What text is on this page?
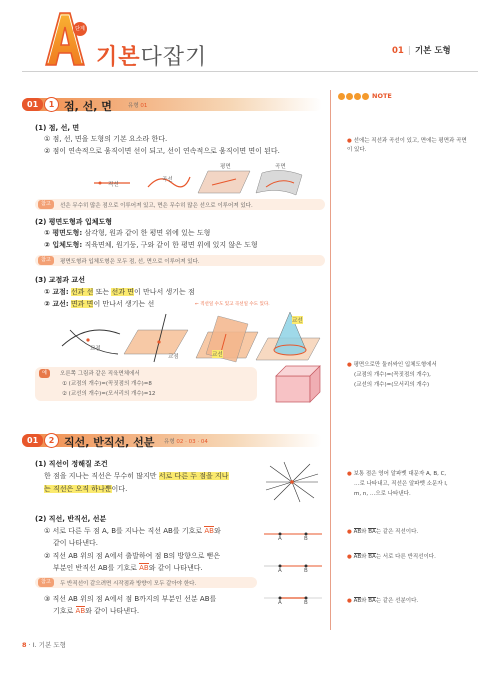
단계
기본다잡기	01 | 기본 도형
NOTE
01	1 점, 선, 면	유형 01
(1) 점, 선, 면
① 점, 선, 면을 도형의 기본 요소라 한다.
② 점이 연속적으로 움직이면 선이 되고, 선이 연속적으로 움직이면 면이 된다.
직선
곡선
평면	곡면
참고	선은 무수히 많은 점으로 이루어져 있고, 면은 무수히 많은 선으로 이루어져 있다.
(2) 평면도형과 입체도형
① 평면도형: 삼각형, 원과 같이 한 평면 위에 있는 도형
② 입체도형: 직육면체, 원기둥, 구와 같이 한 평면 위에 있지 않은 도형
참고	평면도형과 입체도형은 모두 점, 선, 면으로 이루어져 있다.
(3) 교점과 교선
① 교점: 선과 선 또는 선과 면이 만나서 생기는 점
② 교선: 면과 면이 만나서 생기는 선	← 직선일 수도 있고 곡선일 수도 있다.
교점
교점	교선
교선
예	오른쪽 그림과 같은 직육면체에서
① (교점의 개수)=(꼭짓점의 개수)=8
② (교선의 개수)=(모서리의 개수)=12
● 선에는 직선과 곡선이 있고, 면에는 평면과 곡면이 있다.
● 평면으로만 둘러싸인 입체도형에서
(교점의 개수)=(꼭짓점의 개수),
(교선의 개수)=(모서리의 개수)
01	2 직선, 반직선, 선분 유형 02 · 03 · 04
(1) 직선이 정해질 조건
한 점을 지나는 직선은 무수히 많지만 서로 다른 두 점을 지나
는 직선은 오직 하나뿐이다.
(2) 직선, 반직선, 선분
① 서로 다른 두 점 A, B를 지나는 직선 AB를 기호로 AB와
같이 나타낸다.
② 직선 AB 위의 점 A에서 출발하여 점 B의 방향으로 뻗은
부분인 반직선 AB를 기호로 AB와 같이 나타낸다.
참고	두 반직선이 같으려면 시작점과 방향이 모두 같아야 한다.
③ 직선 AB 위의 점 A에서 점 B까지의 부분인 선분 AB를
기호로 AB와 같이 나타낸다.
A	B
A	B
A	B
● 보통 점은 영어 알파벳 대문자 A, B, C,
…로 나타내고, 직선은 알파벳 소문자 l,
m, n, …으로 나타낸다.
● AB와 BA는 같은 직선이다.
● AB와 BA는 서로 다른 반직선이다.
● AB와 BA는 같은 선분이다.
8 · Ⅰ. 기본 도형
